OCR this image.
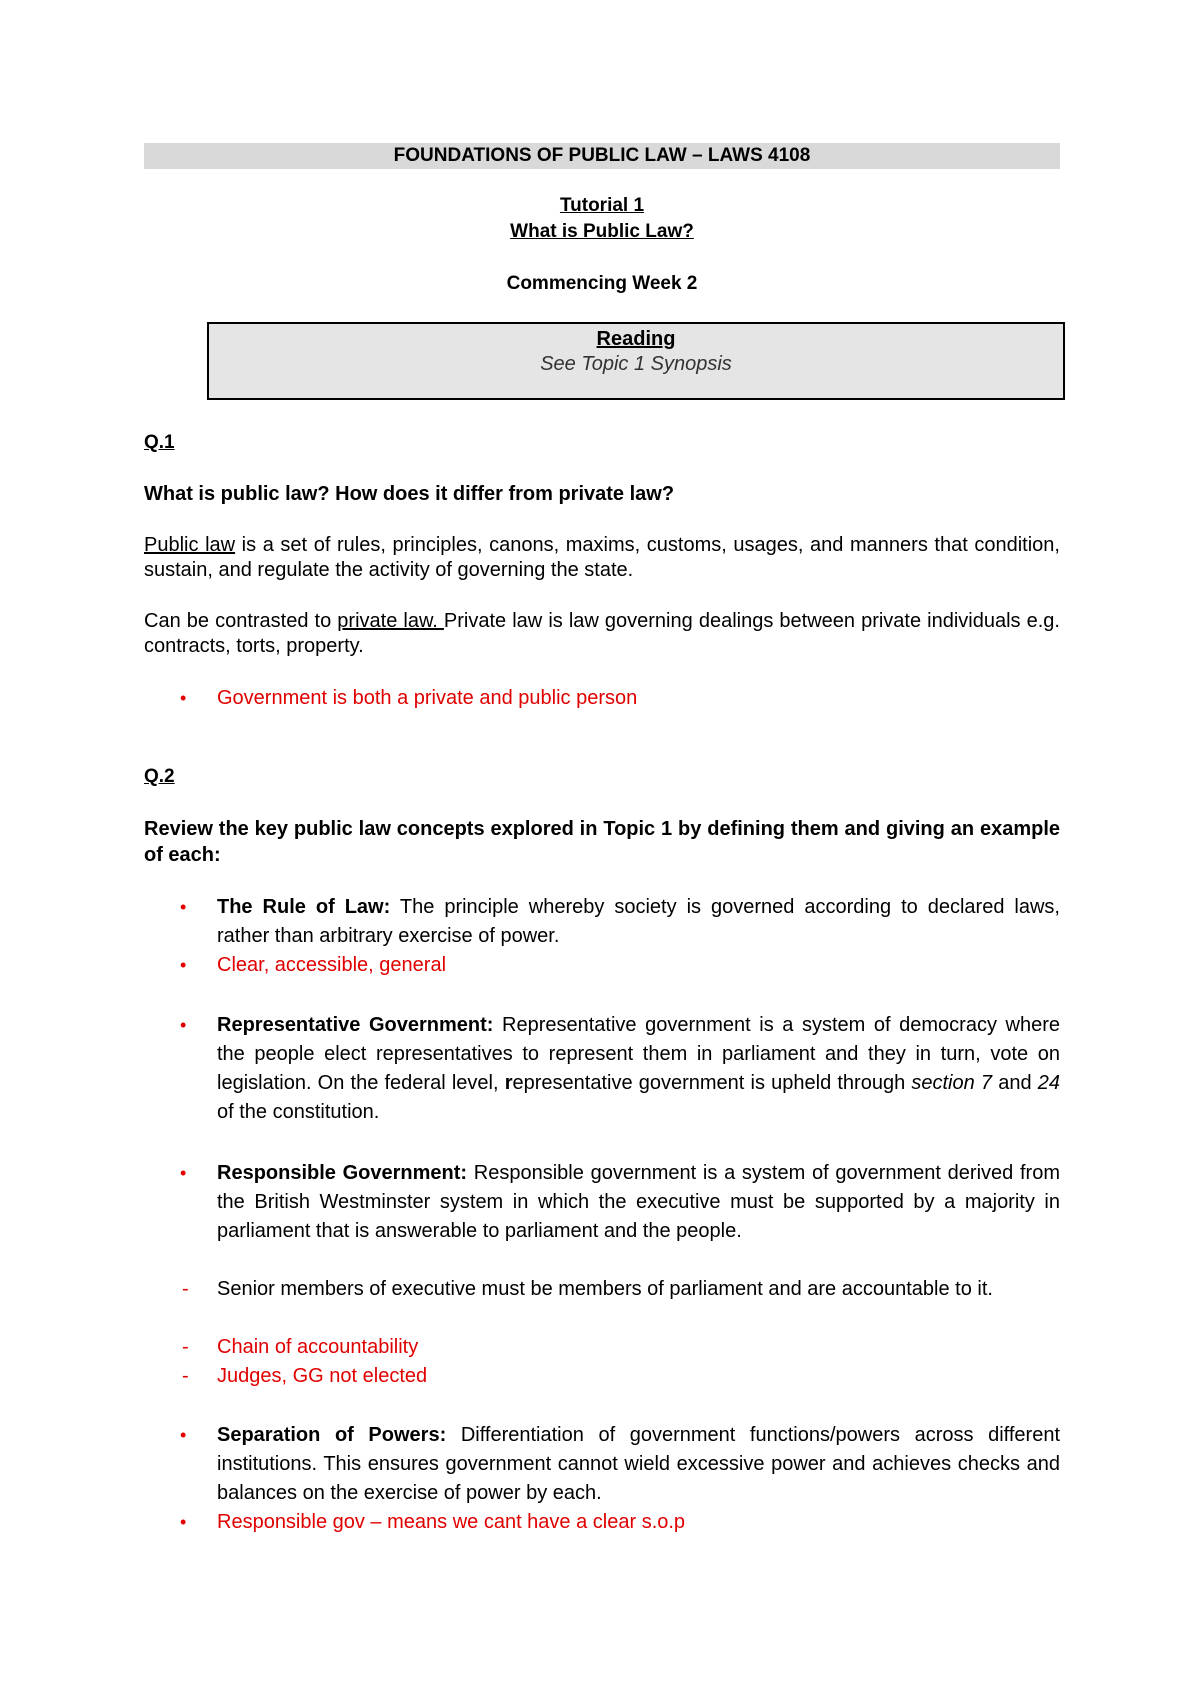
FOUNDATIONS OF PUBLIC LAW – LAWS 4108
Tutorial 1
What is Public Law?
Commencing Week 2
Reading
See Topic 1 Synopsis
Q.1
What is public law? How does it differ from private law?
Public law is a set of rules, principles, canons, maxims, customs, usages, and manners that condition, sustain, and regulate the activity of governing the state.
Can be contrasted to private law. Private law is law governing dealings between private individuals e.g. contracts, torts, property.
•	Government is both a private and public person
Q.2
Review the key public law concepts explored in Topic 1 by defining them and giving an example of each:
•	The Rule of Law: The principle whereby society is governed according to declared laws, rather than arbitrary exercise of power.
•	Clear, accessible, general
•	Representative Government: Representative government is a system of democracy where the people elect representatives to represent them in parliament and they in turn, vote on legislation. On the federal level, representative government is upheld through section 7 and 24 of the constitution.
•	Responsible Government: Responsible government is a system of government derived from the British Westminster system in which the executive must be supported by a majority in parliament that is answerable to parliament and the people.
-	Senior members of executive must be members of parliament and are accountable to it.
-	Chain of accountability
-	Judges, GG not elected
•	Separation of Powers: Differentiation of government functions/powers across different institutions. This ensures government cannot wield excessive power and achieves checks and balances on the exercise of power by each.
•	Responsible gov – means we cant have a clear s.o.p
